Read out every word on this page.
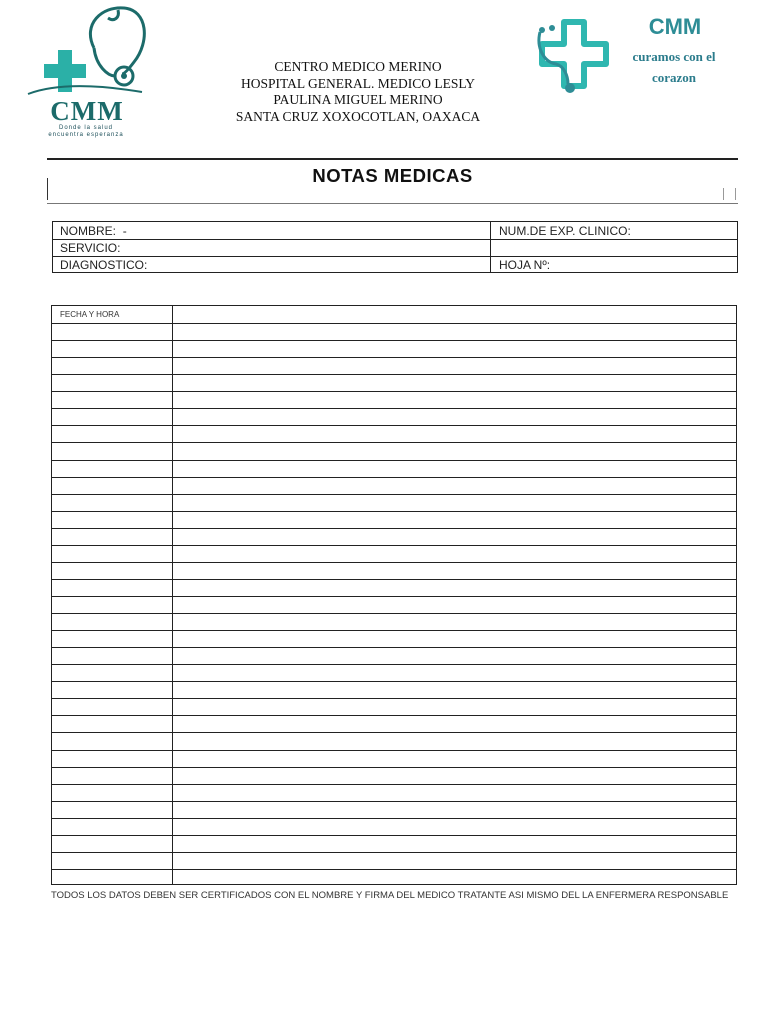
CMM
Donde la salud
encuentra esperanza
CENTRO MEDICO MERINO
HOSPITAL GENERAL. MEDICO LESLY
PAULINA MIGUEL MERINO
SANTA CRUZ XOXOCOTLAN, OAXACA
CMM
curamos con el
corazon
NOTAS MEDICAS
NOMBRE: -	NUM.DE EXP. CLINICO:
SERVICIO:
DIAGNOSTICO:	HOJA Nº:
FECHA Y HORA
TODOS LOS DATOS DEBEN SER CERTIFICADOS CON EL NOMBRE Y FIRMA DEL MEDICO TRATANTE ASI MISMO DEL LA ENFERMERA RESPONSABLE
